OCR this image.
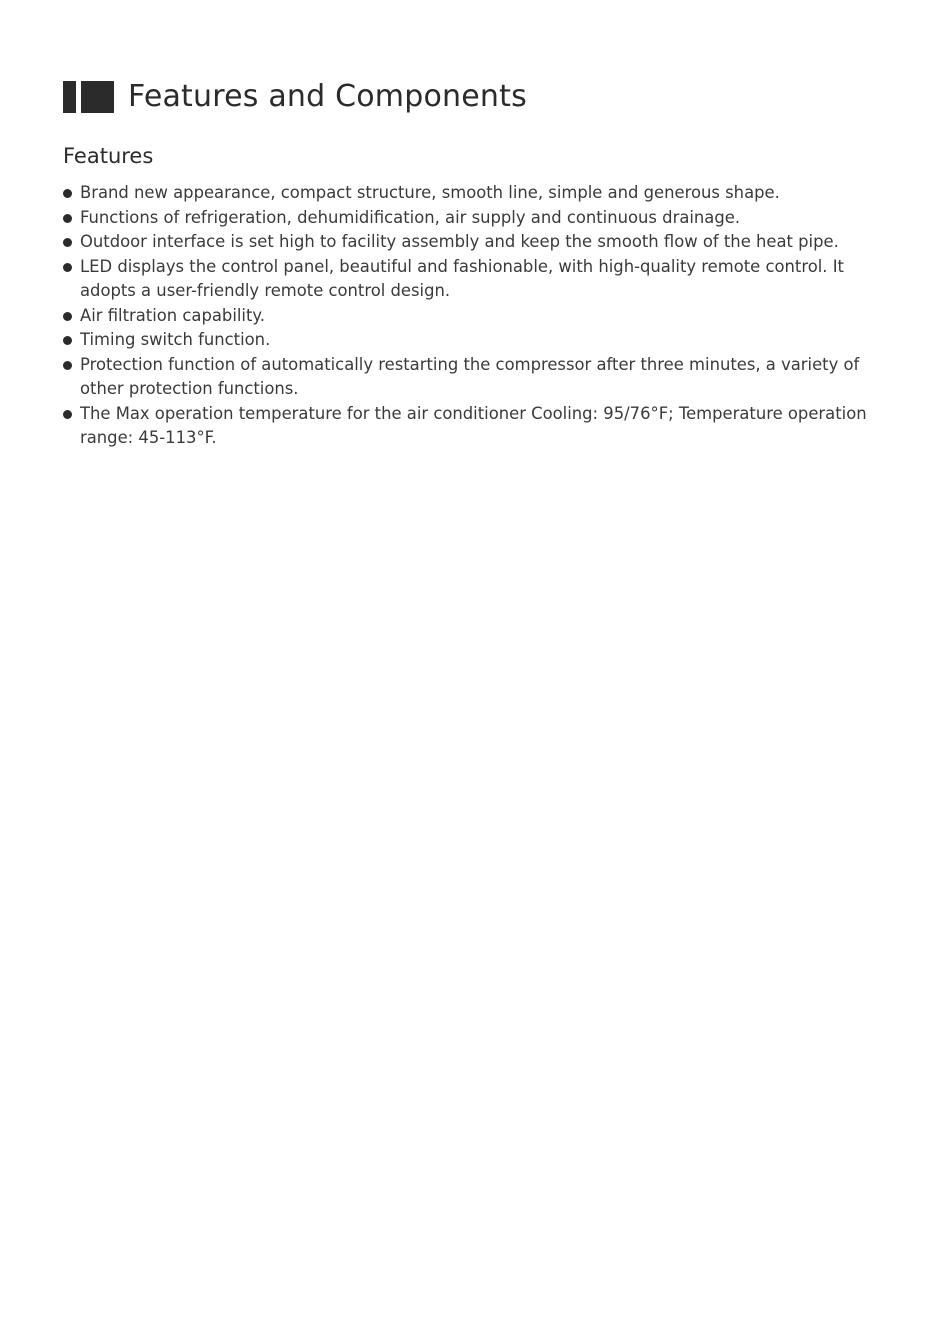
Features and Components
Features
Brand new appearance, compact structure, smooth line, simple and generous shape.
Functions of refrigeration, dehumidification, air supply and continuous drainage.
Outdoor interface is set high to facility assembly and keep the smooth flow of the heat pipe.
LED displays the control panel, beautiful and fashionable, with high-quality remote control. It adopts a user-friendly remote control design.
Air filtration capability.
Timing switch function.
Protection function of automatically restarting the compressor after three minutes, a variety of other protection functions.
The Max operation temperature for the air conditioner Cooling: 95/76°F; Temperature operation range: 45-113°F.
